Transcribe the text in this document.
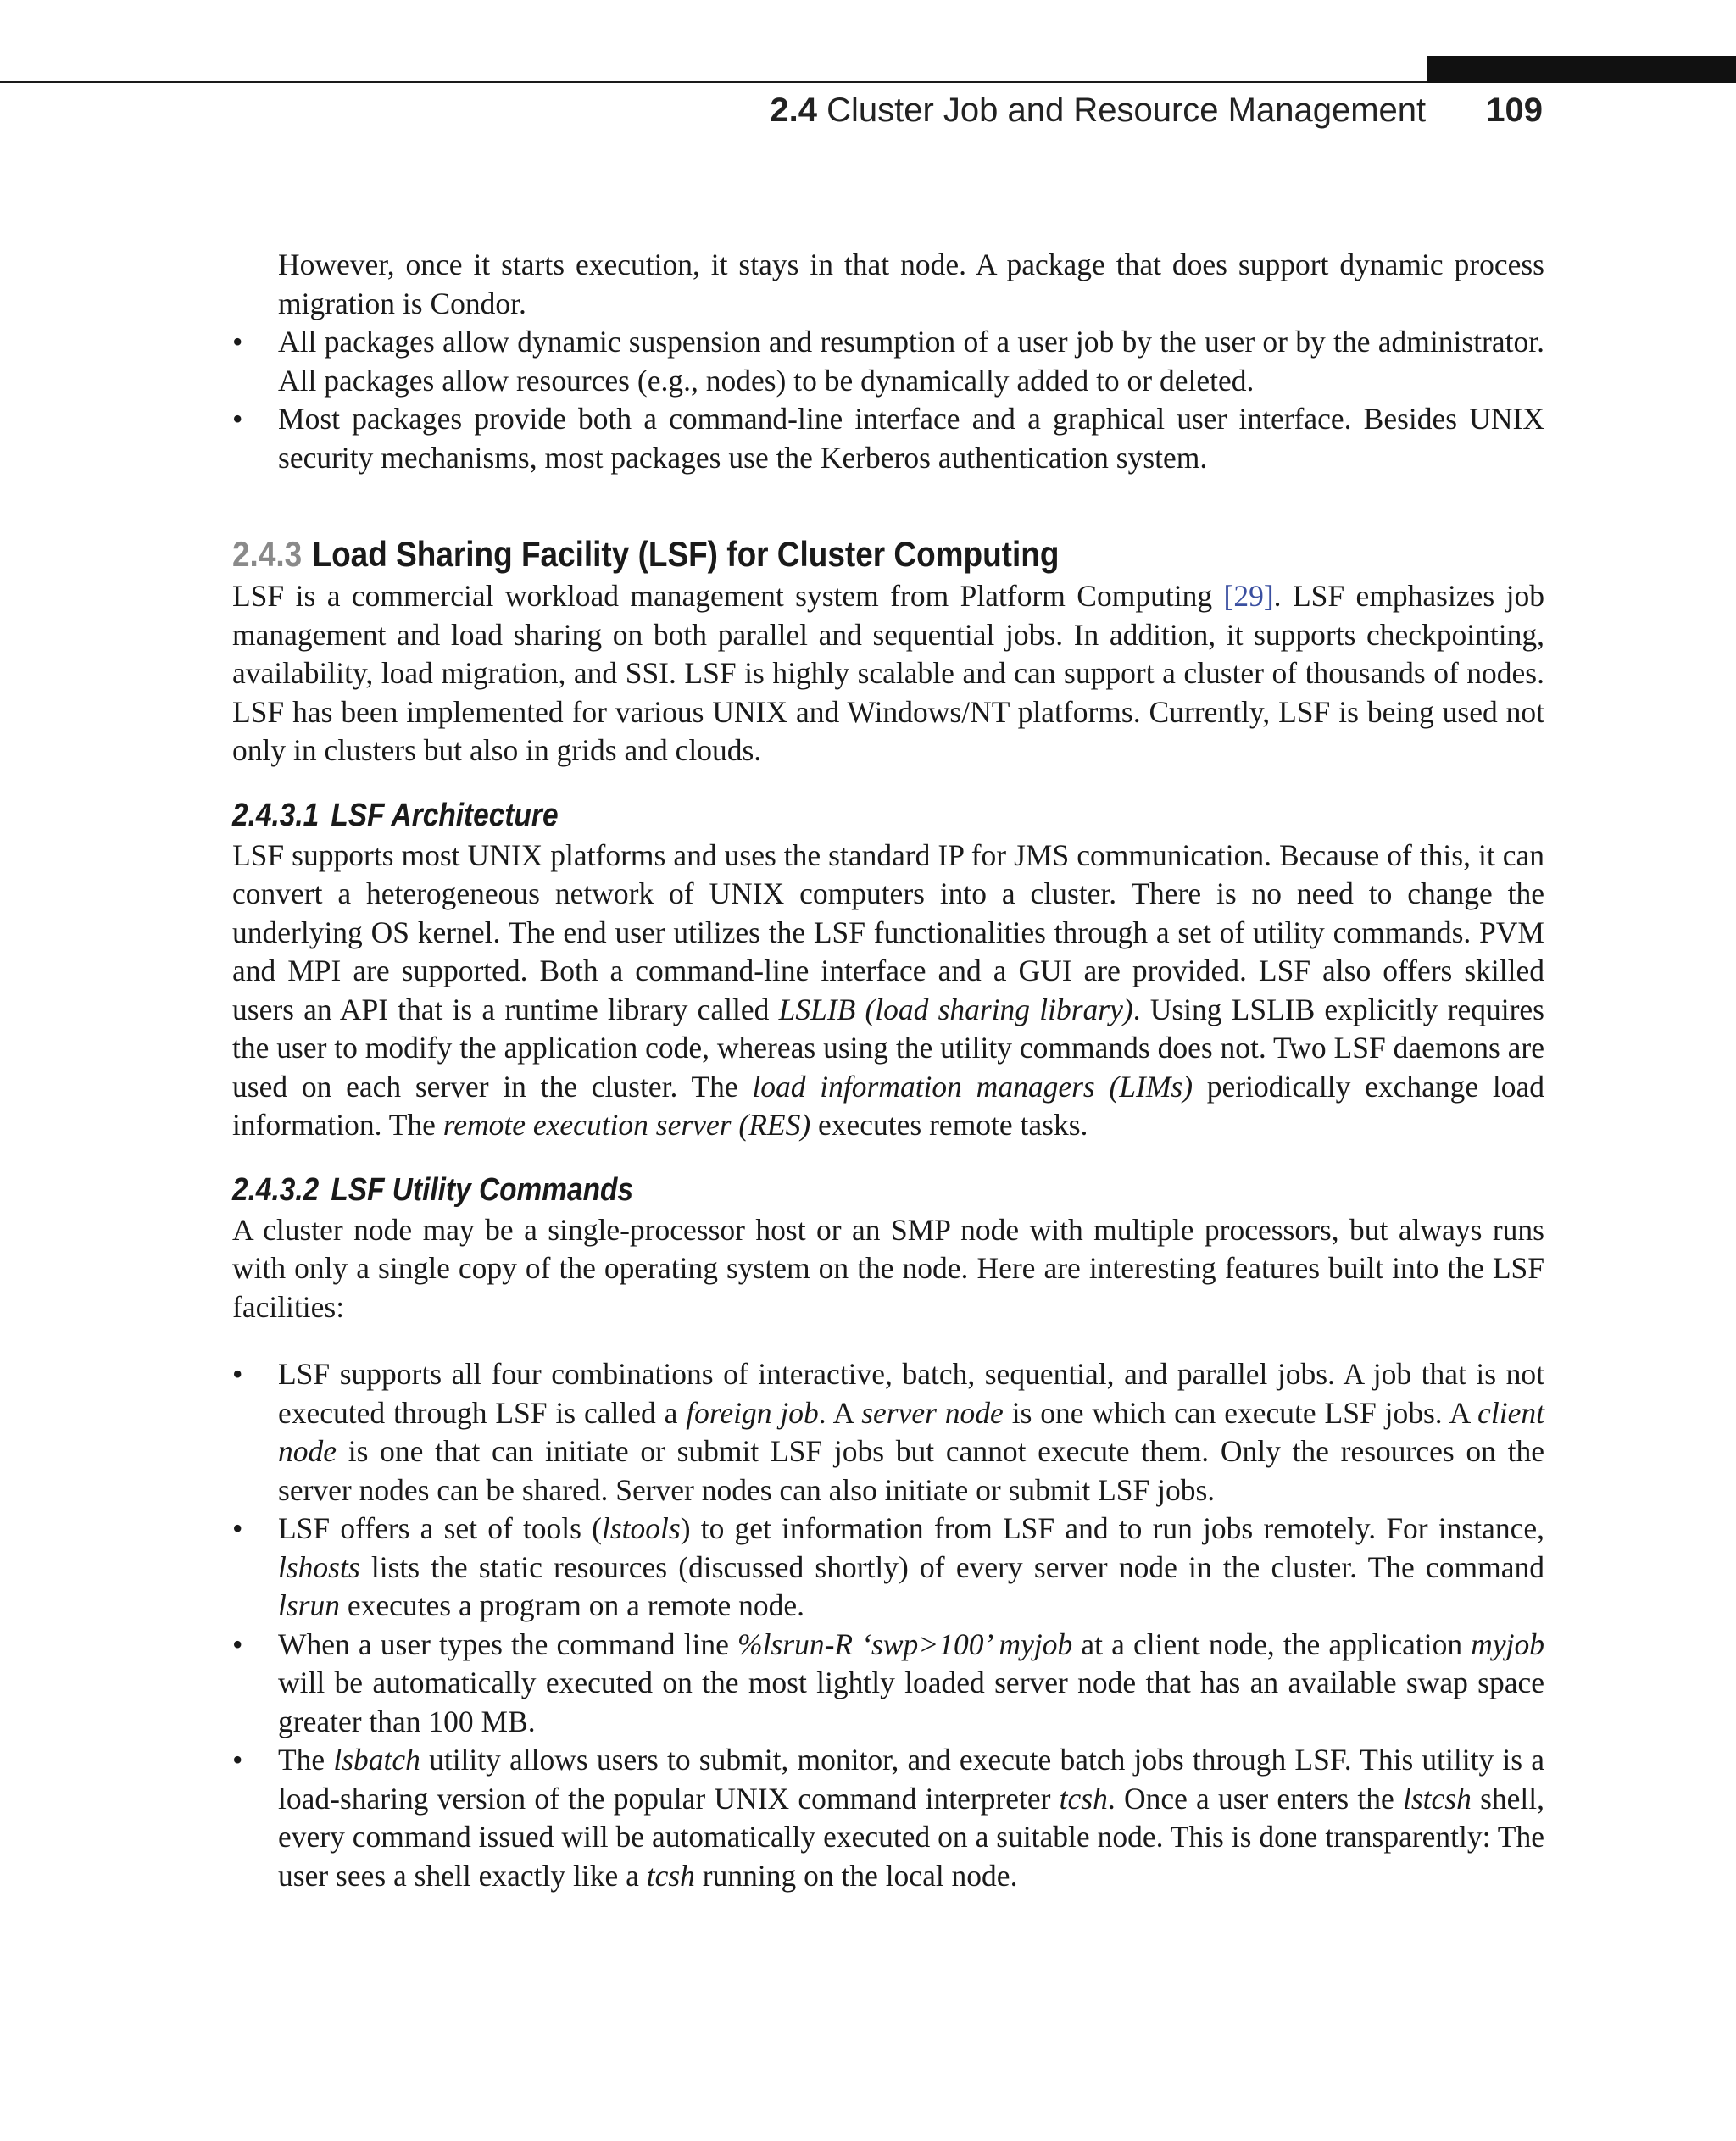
2.4 Cluster Job and Resource Management 109

However, once it starts execution, it stays in that node. A package that does support dynamic process migration is Condor.

•	All packages allow dynamic suspension and resumption of a user job by the user or by the administrator. All packages allow resources (e.g., nodes) to be dynamically added to or deleted.
•	Most packages provide both a command-line interface and a graphical user interface. Besides UNIX security mechanisms, most packages use the Kerberos authentication system.
2.4.3 Load Sharing Facility (LSF) for Cluster Computing

LSF is a commercial workload management system from Platform Computing [29]. LSF emphasizes job management and load sharing on both parallel and sequential jobs. In addition, it supports checkpointing, availability, load migration, and SSI. LSF is highly scalable and can support a cluster of thousands of nodes. LSF has been implemented for various UNIX and Windows/NT platforms. Currently, LSF is being used not only in clusters but also in grids and clouds.

2.4.3.1 LSF Architecture

LSF supports most UNIX platforms and uses the standard IP for JMS communication. Because of this, it can convert a heterogeneous network of UNIX computers into a cluster. There is no need to change the underlying OS kernel. The end user utilizes the LSF functionalities through a set of utility commands. PVM and MPI are supported. Both a command-line interface and a GUI are provided. LSF also offers skilled users an API that is a runtime library called LSLIB (load sharing library). Using LSLIB explicitly requires the user to modify the application code, whereas using the utility commands does not. Two LSF daemons are used on each server in the cluster. The load information managers (LIMs) periodically exchange load information. The remote execution server (RES) executes remote tasks.

2.4.3.2 LSF Utility Commands

A cluster node may be a single-processor host or an SMP node with multiple processors, but always runs with only a single copy of the operating system on the node. Here are interesting features built into the LSF facilities:

•	LSF supports all four combinations of interactive, batch, sequential, and parallel jobs. A job that is not executed through LSF is called a foreign job. A server node is one which can execute LSF jobs. A client node is one that can initiate or submit LSF jobs but cannot execute them. Only the resources on the server nodes can be shared. Server nodes can also initiate or submit LSF jobs.
•	LSF offers a set of tools (lstools) to get information from LSF and to run jobs remotely. For instance, lshosts lists the static resources (discussed shortly) of every server node in the cluster. The command lsrun executes a program on a remote node.
•	When a user types the command line %lsrun-R ‘swp>100’ myjob at a client node, the application myjob will be automatically executed on the most lightly loaded server node that has an available swap space greater than 100 MB.
•	The lsbatch utility allows users to submit, monitor, and execute batch jobs through LSF. This utility is a load-sharing version of the popular UNIX command interpreter tcsh. Once a user enters the lstcsh shell, every command issued will be automatically executed on a suitable node. This is done transparently: The user sees a shell exactly like a tcsh running on the local node.
